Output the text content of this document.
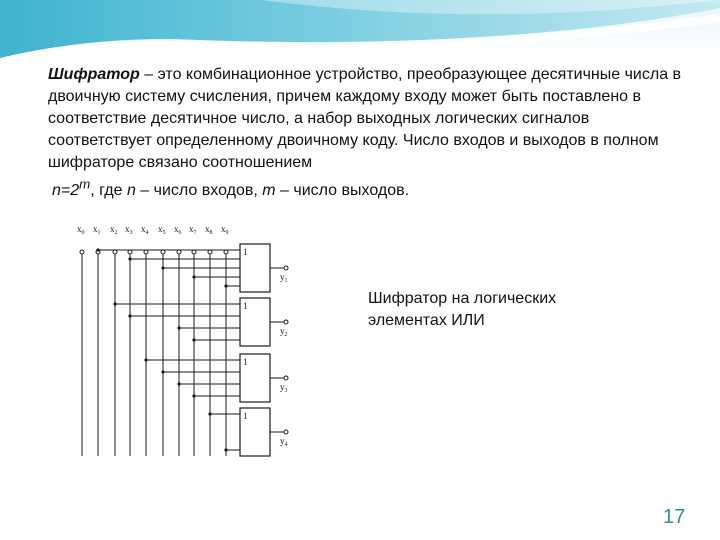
Шифратор – это комбинационное устройство, преобразующее десятичные числа в двоичную систему счисления, причем каждому входу может быть поставлено в соответствие десятичное число, а набор выходных логических сигналов соответствует определенному двоичному коду. Число входов и выходов в полном шифраторе связано соотношением
$n=2^m$, где n – число входов, m – число выходов.

$x_0$ $x_1$ $x_2$ $x_3$ $x_4$ $x_5$ $x_6$ $x_7$ $x_8$ $x_9$
1
$y_1$
1
$y_2$
1
$y_3$
1
$y_4$
Шифратор на логических элементах ИЛИ
17
